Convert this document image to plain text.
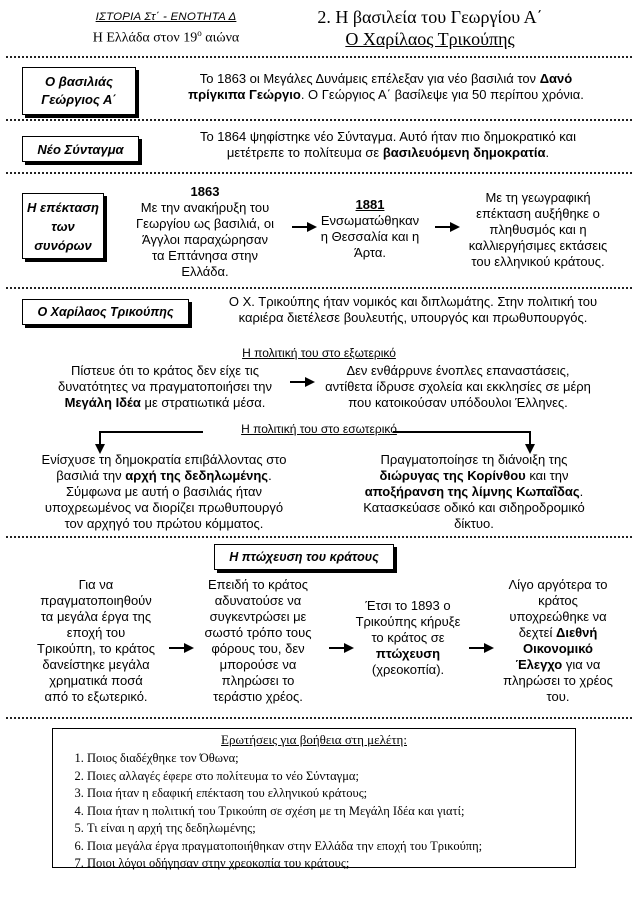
ΙΣΤΟΡΙΑ Στ΄ - ΕΝΟΤΗΤΑ Δ
Η Ελλάδα στον $19^o$ αιώνα
2. Η βασιλεία του Γεωργίου Α΄
Ο Χαρίλαος Τρικούπης
Ο βασιλιάς
Γεώργιος Α΄
Το 1863 οι Μεγάλες Δυνάμεις επέλεξαν για νέο βασιλιά τον Δανό
πρίγκιπα Γεώργιο. Ο Γεώργιος Α΄ βασίλεψε για 50 περίπου χρόνια.
Νέο Σύνταγμα
Το 1864 ψηφίστηκε νέο Σύνταγμα. Αυτό ήταν πιο δημοκρατικό και
μετέτρεπε το πολίτευμα σε βασιλευόμενη δημοκρατία.
Η επέκταση
των
συνόρων
1863
Με την ανακήρυξη του
Γεωργίου ως βασιλιά, οι
Άγγλοι παραχώρησαν
τα Επτάνησα στην
Ελλάδα.
1881
Ενσωματώθηκαν
η Θεσσαλία και η
Άρτα.
Με τη γεωγραφική
επέκταση αυξήθηκε ο
πληθυσμός και η
καλλιεργήσιμες εκτάσεις
του ελληνικού κράτους.
Ο Χαρίλαος Τρικούπης
Ο Χ. Τρικούπης ήταν νομικός και διπλωμάτης. Στην πολιτική του
καριέρα διετέλεσε βουλευτής, υπουργός και πρωθυπουργός.
Η πολιτική του στο εξωτερικό
Πίστευε ότι το κράτος δεν είχε τις
δυνατότητες να πραγματοποιήσει την
Μεγάλη Ιδέα με στρατιωτικά μέσα.
Δεν ενθάρρυνε ένοπλες επαναστάσεις,
αντίθετα ίδρυσε σχολεία και εκκλησίες σε μέρη
που κατοικούσαν υπόδουλοι Έλληνες.
Η πολιτική του στο εσωτερικό
Ενίσχυσε τη δημοκρατία επιβάλλοντας στο
βασιλιά την αρχή της δεδηλωμένης.
Σύμφωνα με αυτή ο βασιλιάς ήταν
υποχρεωμένος να διορίζει πρωθυπουργό
τον αρχηγό του πρώτου κόμματος.
Πραγματοποίησε τη διάνοιξη της
διώρυγας της Κορίνθου και την
αποξήρανση της λίμνης Κωπαΐδας.
Κατασκεύασε οδικό και σιδηροδρομικό
δίκτυο.
Η πτώχευση του κράτους
Για να
πραγματοποιηθούν
τα μεγάλα έργα της
εποχή του
Τρικούπη, το κράτος
δανείστηκε μεγάλα
χρηματικά ποσά
από το εξωτερικό.
Επειδή το κράτος
αδυνατούσε να
συγκεντρώσει με
σωστό τρόπο τους
φόρους του, δεν
μπορούσε να
πληρώσει το
τεράστιο χρέος.
Έτσι το 1893 ο
Τρικούπης κήρυξε
το κράτος σε
πτώχευση
(χρεοκοπία).
Λίγο αργότερα το
κράτος
υποχρεώθηκε να
δεχτεί Διεθνή
Οικονομικό
Έλεγχο για να
πληρώσει το χρέος
του.
Ερωτήσεις για βοήθεια στη μελέτη:
1. Ποιος διαδέχθηκε τον Όθωνα;
2. Ποιες αλλαγές έφερε στο πολίτευμα το νέο Σύνταγμα;
3. Ποια ήταν η εδαφική επέκταση του ελληνικού κράτους;
4. Ποια ήταν η πολιτική του Τρικούπη σε σχέση με τη Μεγάλη Ιδέα και γιατί;
5. Τι είναι η αρχή της δεδηλωμένης;
6. Ποια μεγάλα έργα πραγματοποιήθηκαν στην Ελλάδα την εποχή του Τρικούπη;
7. Ποιοι λόγοι οδήγησαν στην χρεοκοπία του κράτους;
